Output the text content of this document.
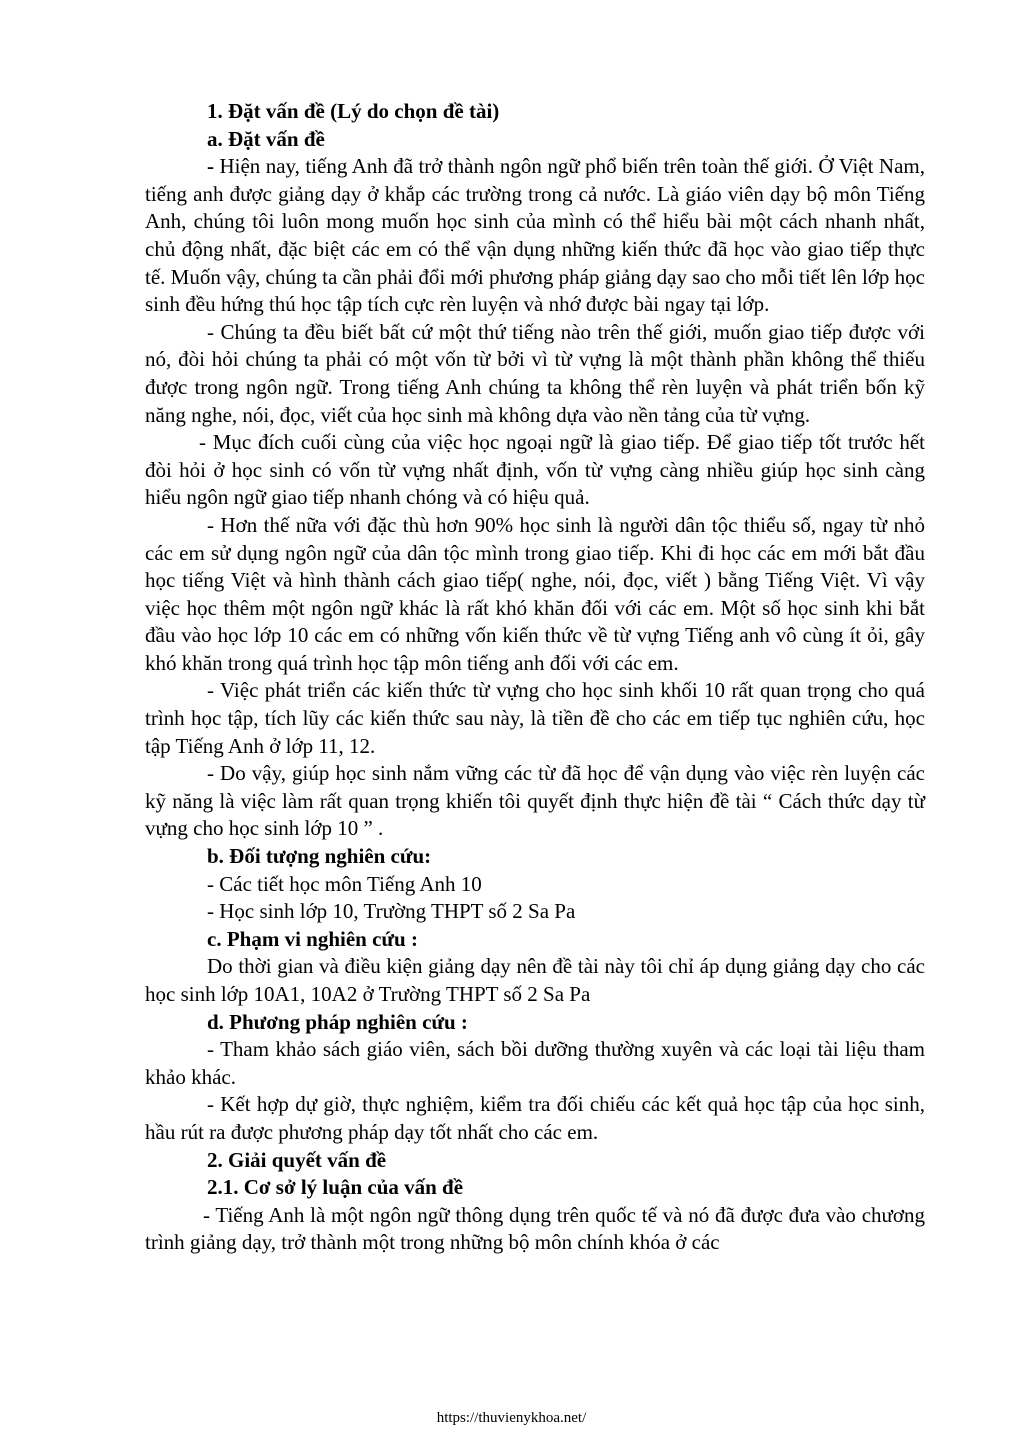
1. Đặt vấn đề (Lý do chọn đề tài)

a. Đặt vấn đề

- Hiện nay, tiếng Anh đã trở thành ngôn ngữ phổ biến trên toàn thế giới. Ở Việt Nam, tiếng anh được giảng dạy ở khắp các trường trong cả nước. Là giáo viên dạy bộ môn Tiếng Anh, chúng tôi luôn mong muốn học sinh của mình có thể hiểu bài một cách nhanh nhất, chủ động nhất, đặc biệt các em có thể vận dụng những kiến thức đã học vào giao tiếp thực tế. Muốn vậy, chúng ta cần phải đổi mới phương pháp giảng dạy sao cho mỗi tiết lên lớp học sinh đều hứng thú học tập tích cực rèn luyện và nhớ được bài ngay tại lớp.

- Chúng ta đều biết bất cứ một thứ tiếng nào trên thế giới, muốn giao tiếp được với nó, đòi hỏi chúng ta phải có một vốn từ bởi vì từ vựng là một thành phần không thể thiếu được trong ngôn ngữ. Trong tiếng Anh chúng ta không thể rèn luyện và phát triển bốn kỹ năng nghe, nói, đọc, viết của học sinh mà không dựa vào nền tảng của từ vựng.

- Mục đích cuối cùng của việc học ngoại ngữ là giao tiếp. Để giao tiếp tốt trước hết đòi hỏi ở học sinh có vốn từ vựng nhất định, vốn từ vựng càng nhiều giúp học sinh càng hiểu ngôn ngữ giao tiếp nhanh chóng và có hiệu quả.

- Hơn thế nữa với đặc thù hơn 90% học sinh là người dân tộc thiểu số, ngay từ nhỏ các em sử dụng ngôn ngữ của dân tộc mình trong giao tiếp. Khi đi học các em mới bắt đầu học tiếng Việt và hình thành cách giao tiếp( nghe, nói, đọc, viết ) bằng Tiếng Việt. Vì vậy việc học thêm một ngôn ngữ khác là rất khó khăn đối với các em. Một số học sinh khi bắt đầu vào học lớp 10 các em có những vốn kiến thức về từ vựng Tiếng anh vô cùng ít ỏi, gây khó khăn trong quá trình học tập môn tiếng anh đối với các em.

- Việc phát triển các kiến thức từ vựng cho học sinh khối 10 rất quan trọng cho quá trình học tập, tích lũy các kiến thức sau này, là tiền đề cho các em tiếp tục nghiên cứu, học tập Tiếng Anh ở lớp 11, 12.

- Do vậy, giúp học sinh nắm vững các từ đã học để vận dụng vào việc rèn luyện các kỹ năng là việc làm rất quan trọng khiến tôi quyết định thực hiện đề tài “ Cách thức dạy từ vựng cho học sinh lớp 10 ” .

b. Đối tượng nghiên cứu:

- Các tiết học môn Tiếng Anh 10

- Học sinh lớp 10, Trường THPT số 2 Sa Pa

c. Phạm vi nghiên cứu :

Do thời gian và điều kiện giảng dạy nên đề tài này tôi chỉ áp dụng giảng dạy cho các học sinh lớp 10A1, 10A2 ở Trường THPT số 2 Sa Pa

d. Phương pháp nghiên cứu :

- Tham khảo sách giáo viên, sách bồi dưỡng thường xuyên và các loại tài liệu tham khảo khác.

- Kết hợp dự giờ, thực nghiệm, kiểm tra đối chiếu các kết quả học tập của học sinh, hầu rút ra được phương pháp dạy tốt nhất cho các em.

2. Giải quyết vấn đề

2.1. Cơ sở lý luận của vấn đề

- Tiếng Anh là một ngôn ngữ thông dụng trên quốc tế và nó đã được đưa vào chương trình giảng dạy, trở thành một trong những bộ môn chính khóa ở các

https://thuvienykhoa.net/
